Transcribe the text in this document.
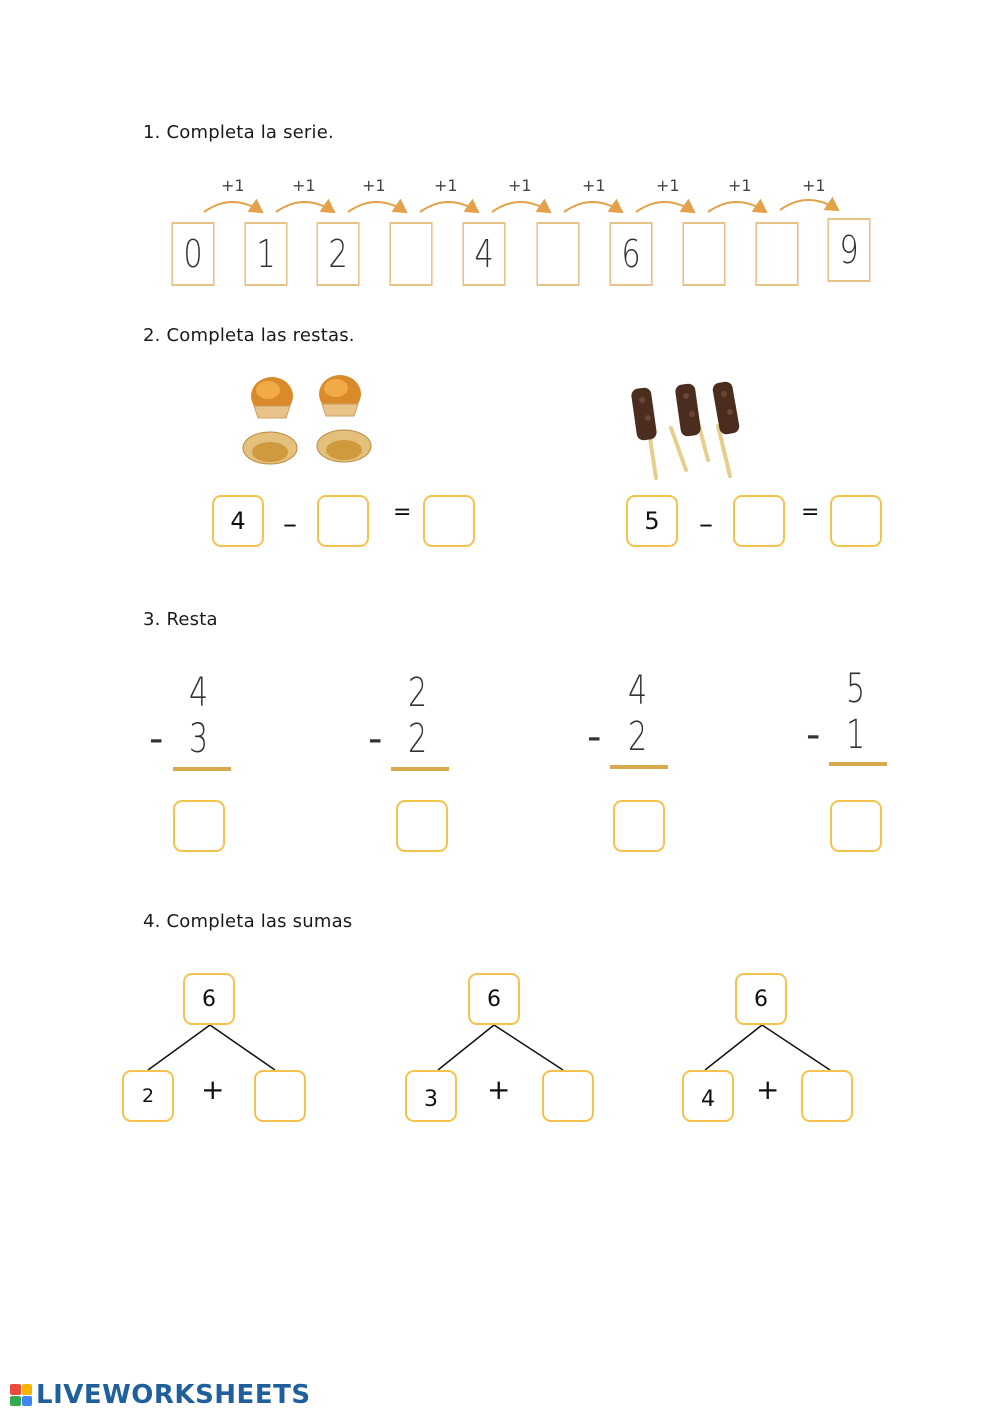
1. Completa la serie.
+1	+1	+1	+1	+1	+1	+1	+1	+1
0	1	2	4	6	9
2. Completa las restas.
4	–	=	5	–	=
3. Resta
4
- 3
2
- 2
4
- 2
5
- 1
4. Completa las sumas
6
2	+
6
3	+
6
4	+
LIVEWORKSHEETS
